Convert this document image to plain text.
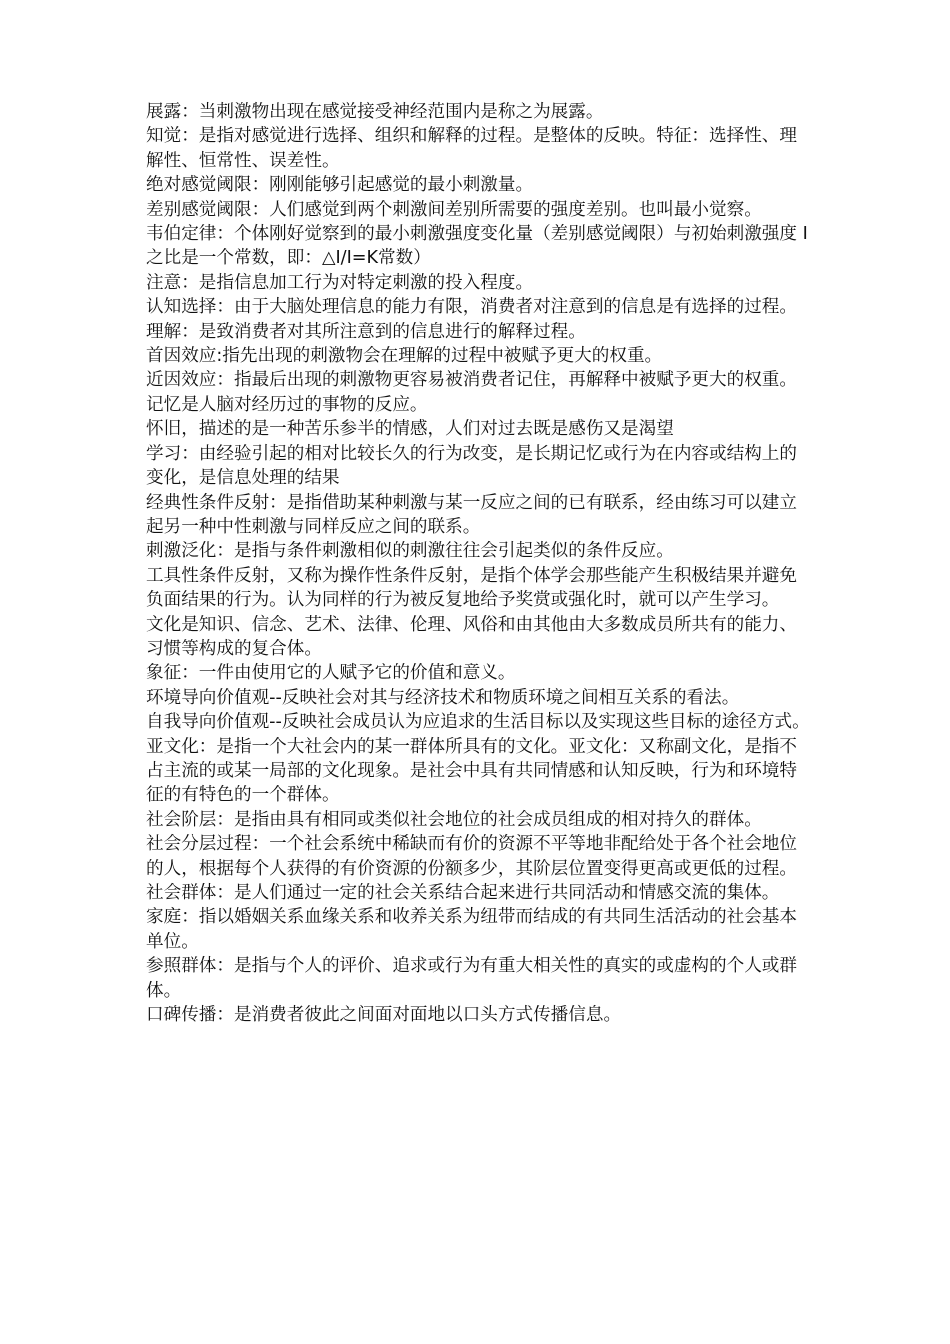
展露：当刺激物出现在感觉接受神经范围内是称之为展露。

知觉：是指对感觉进行选择、组织和解释的过程。是整体的反映。特征：选择性、理解性、恒常性、误差性。

绝对感觉阈限：刚刚能够引起感觉的最小刺激量。

差别感觉阈限：人们感觉到两个刺激间差别所需要的强度差别。也叫最小觉察。

韦伯定律：个体刚好觉察到的最小刺激强度变化量（差别感觉阈限）与初始刺激强度 I之比是一个常数，即：△I/I=K常数）

注意：是指信息加工行为对特定刺激的投入程度。

认知选择：由于大脑处理信息的能力有限，消费者对注意到的信息是有选择的过程。

理解：是致消费者对其所注意到的信息进行的解释过程。

首因效应:指先出现的刺激物会在理解的过程中被赋予更大的权重。

近因效应：指最后出现的刺激物更容易被消费者记住，再解释中被赋予更大的权重。

记忆是人脑对经历过的事物的反应。

怀旧，描述的是一种苦乐参半的情感，人们对过去既是感伤又是渴望

学习：由经验引起的相对比较长久的行为改变，是长期记忆或行为在内容或结构上的变化，是信息处理的结果

经典性条件反射：是指借助某种刺激与某一反应之间的已有联系，经由练习可以建立起另一种中性刺激与同样反应之间的联系。

刺激泛化：是指与条件刺激相似的刺激往往会引起类似的条件反应。

工具性条件反射，又称为操作性条件反射，是指个体学会那些能产生积极结果并避免负面结果的行为。认为同样的行为被反复地给予奖赏或强化时，就可以产生学习。

文化是知识、信念、艺术、法律、伦理、风俗和由其他由大多数成员所共有的能力、习惯等构成的复合体。

象征：一件由使用它的人赋予它的价值和意义。

环境导向价值观--反映社会对其与经济技术和物质环境之间相互关系的看法。

自我导向价值观--反映社会成员认为应追求的生活目标以及实现这些目标的途径方式。

亚文化：是指一个大社会内的某一群体所具有的文化。亚文化：又称副文化，是指不占主流的或某一局部的文化现象。是社会中具有共同情感和认知反映，行为和环境特征的有特色的一个群体。

社会阶层：是指由具有相同或类似社会地位的社会成员组成的相对持久的群体。

社会分层过程：一个社会系统中稀缺而有价的资源不平等地非配给处于各个社会地位的人，根据每个人获得的有价资源的份额多少，其阶层位置变得更高或更低的过程。

社会群体：是人们通过一定的社会关系结合起来进行共同活动和情感交流的集体。

家庭：指以婚姻关系血缘关系和收养关系为纽带而结成的有共同生活活动的社会基本单位。

参照群体：是指与个人的评价、追求或行为有重大相关性的真实的或虚构的个人或群体。

口碑传播：是消费者彼此之间面对面地以口头方式传播信息。
